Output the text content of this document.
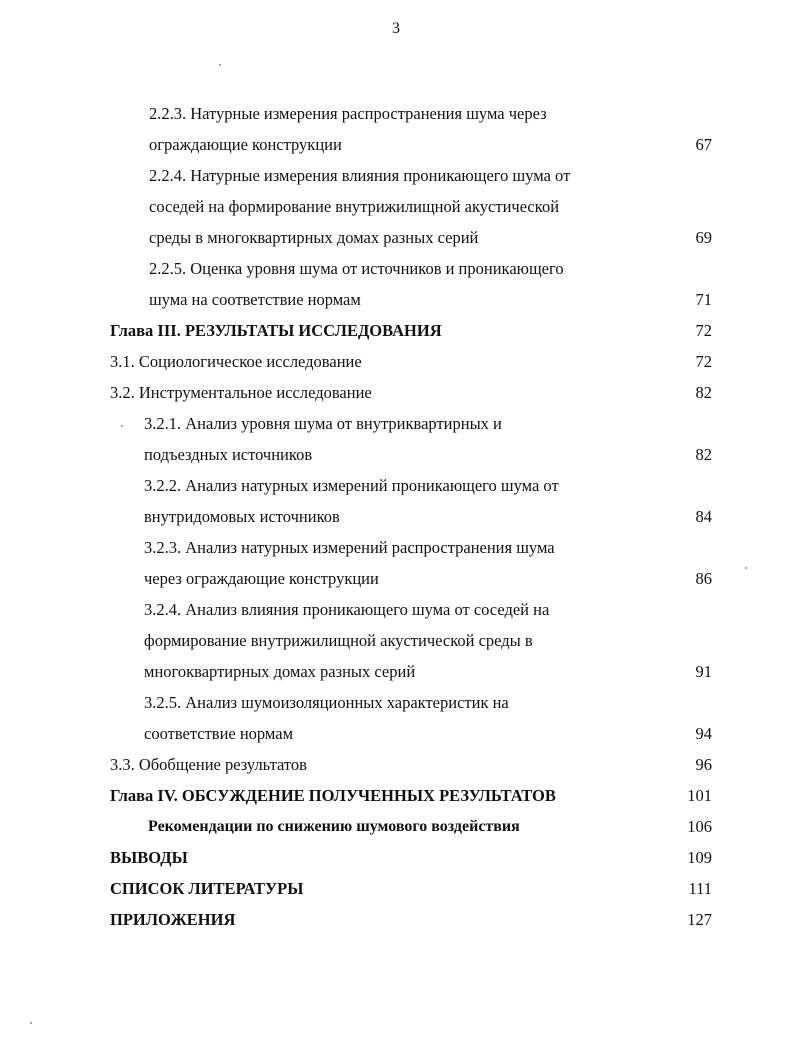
3
2.2.3. Натурные измерения распространения шума через
ограждающие конструкции	67
2.2.4. Натурные измерения влияния проникающего шума от
соседей на формирование внутрижилищной акустической
среды в многоквартирных домах разных серий	69
2.2.5. Оценка уровня шума от источников и проникающего
шума на соответствие нормам	71
Глава III. РЕЗУЛЬТАТЫ ИССЛЕДОВАНИЯ	72
3.1. Социологическое исследование	72
3.2. Инструментальное исследование	82
3.2.1. Анализ уровня шума от внутриквартирных и
подъездных источников	82
3.2.2. Анализ натурных измерений проникающего шума от
внутридомовых источников	84
3.2.3. Анализ натурных измерений распространения шума
через ограждающие конструкции	86
3.2.4. Анализ влияния проникающего шума от соседей на
формирование внутрижилищной акустической среды в
многоквартирных домах разных серий	91
3.2.5. Анализ шумоизоляционных характеристик на
соответствие нормам	94
3.3. Обобщение результатов	96
Глава IV. ОБСУЖДЕНИЕ ПОЛУЧЕННЫХ РЕЗУЛЬТАТОВ	101
Рекомендации по снижению шумового воздействия	106
ВЫВОДЫ	109
СПИСОК ЛИТЕРАТУРЫ	111
ПРИЛОЖЕНИЯ	127
